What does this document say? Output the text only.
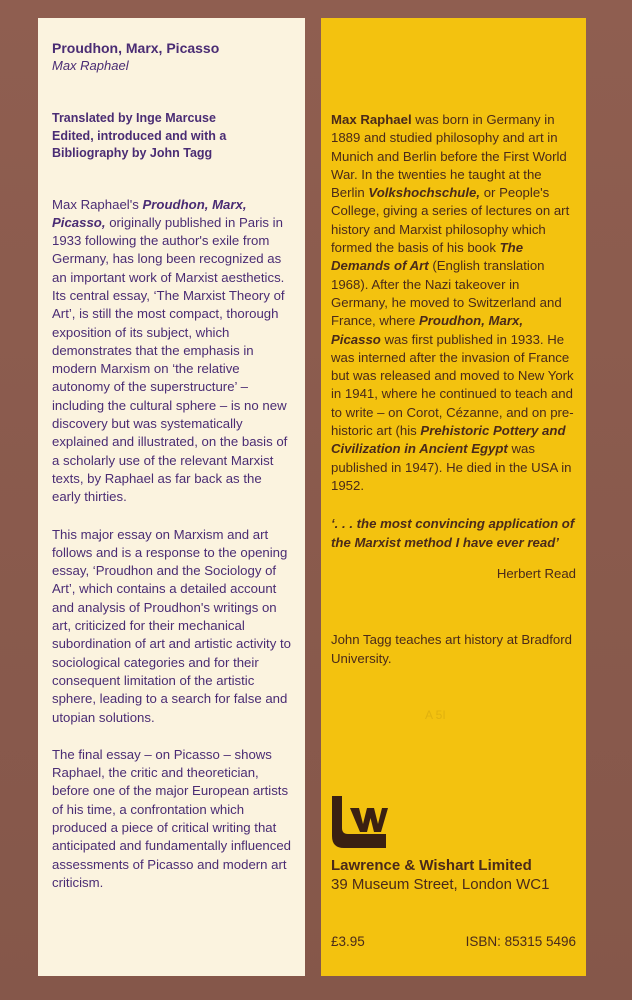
Proudhon, Marx, Picasso

Max Raphael

Translated by Inge Marcuse
Edited, introduced and with a
Bibliography by John Tagg

Max Raphael's Proudhon, Marx, Picasso, originally published in Paris in 1933 following the author's exile from Germany, has long been recognized as an important work of Marxist aesthetics. Its central essay, ‘The Marxist Theory of Art’, is still the most compact, thorough exposition of its subject, which demonstrates that the emphasis in modern Marxism on ‘the relative autonomy of the superstructure’ – including the cultural sphere – is no new discovery but was systematically explained and illustrated, on the basis of a scholarly use of the relevant Marxist texts, by Raphael as far back as the early thirties.

This major essay on Marxism and art follows and is a response to the opening essay, ‘Proudhon and the Sociology of Art’, which contains a detailed account and analysis of Proudhon's writings on art, criticized for their mechanical subordination of art and artistic activity to sociological categories and for their consequent limitation of the artistic sphere, leading to a search for false and utopian solutions.

The final essay – on Picasso – shows Raphael, the critic and theoretician, before one of the major European artists of his time, a confrontation which produced a piece of critical writing that anticipated and fundamentally influenced assessments of Picasso and modern art criticism.

Max Raphael was born in Germany in 1889 and studied philosophy and art in Munich and Berlin before the First World War. In the twenties he taught at the Berlin Volkshochschule, or People's College, giving a series of lectures on art history and Marxist philosophy which formed the basis of his book The Demands of Art (English translation 1968). After the Nazi takeover in Germany, he moved to Switzerland and France, where Proudhon, Marx, Picasso was first published in 1933. He was interned after the invasion of France but was released and moved to New York in 1941, where he continued to teach and to write – on Corot, Cézanne, and on pre-historic art (his Prehistoric Pottery and Civilization in Ancient Egypt was published in 1947). He died in the USA in 1952.

‘. . . the most convincing application of the Marxist method I have ever read’

Herbert Read

John Tagg teaches art history at Bradford University.

A 5I
Lawrence & Wishart Limited
39 Museum Street, London WC1
£3.95	ISBN: 85315 5496
